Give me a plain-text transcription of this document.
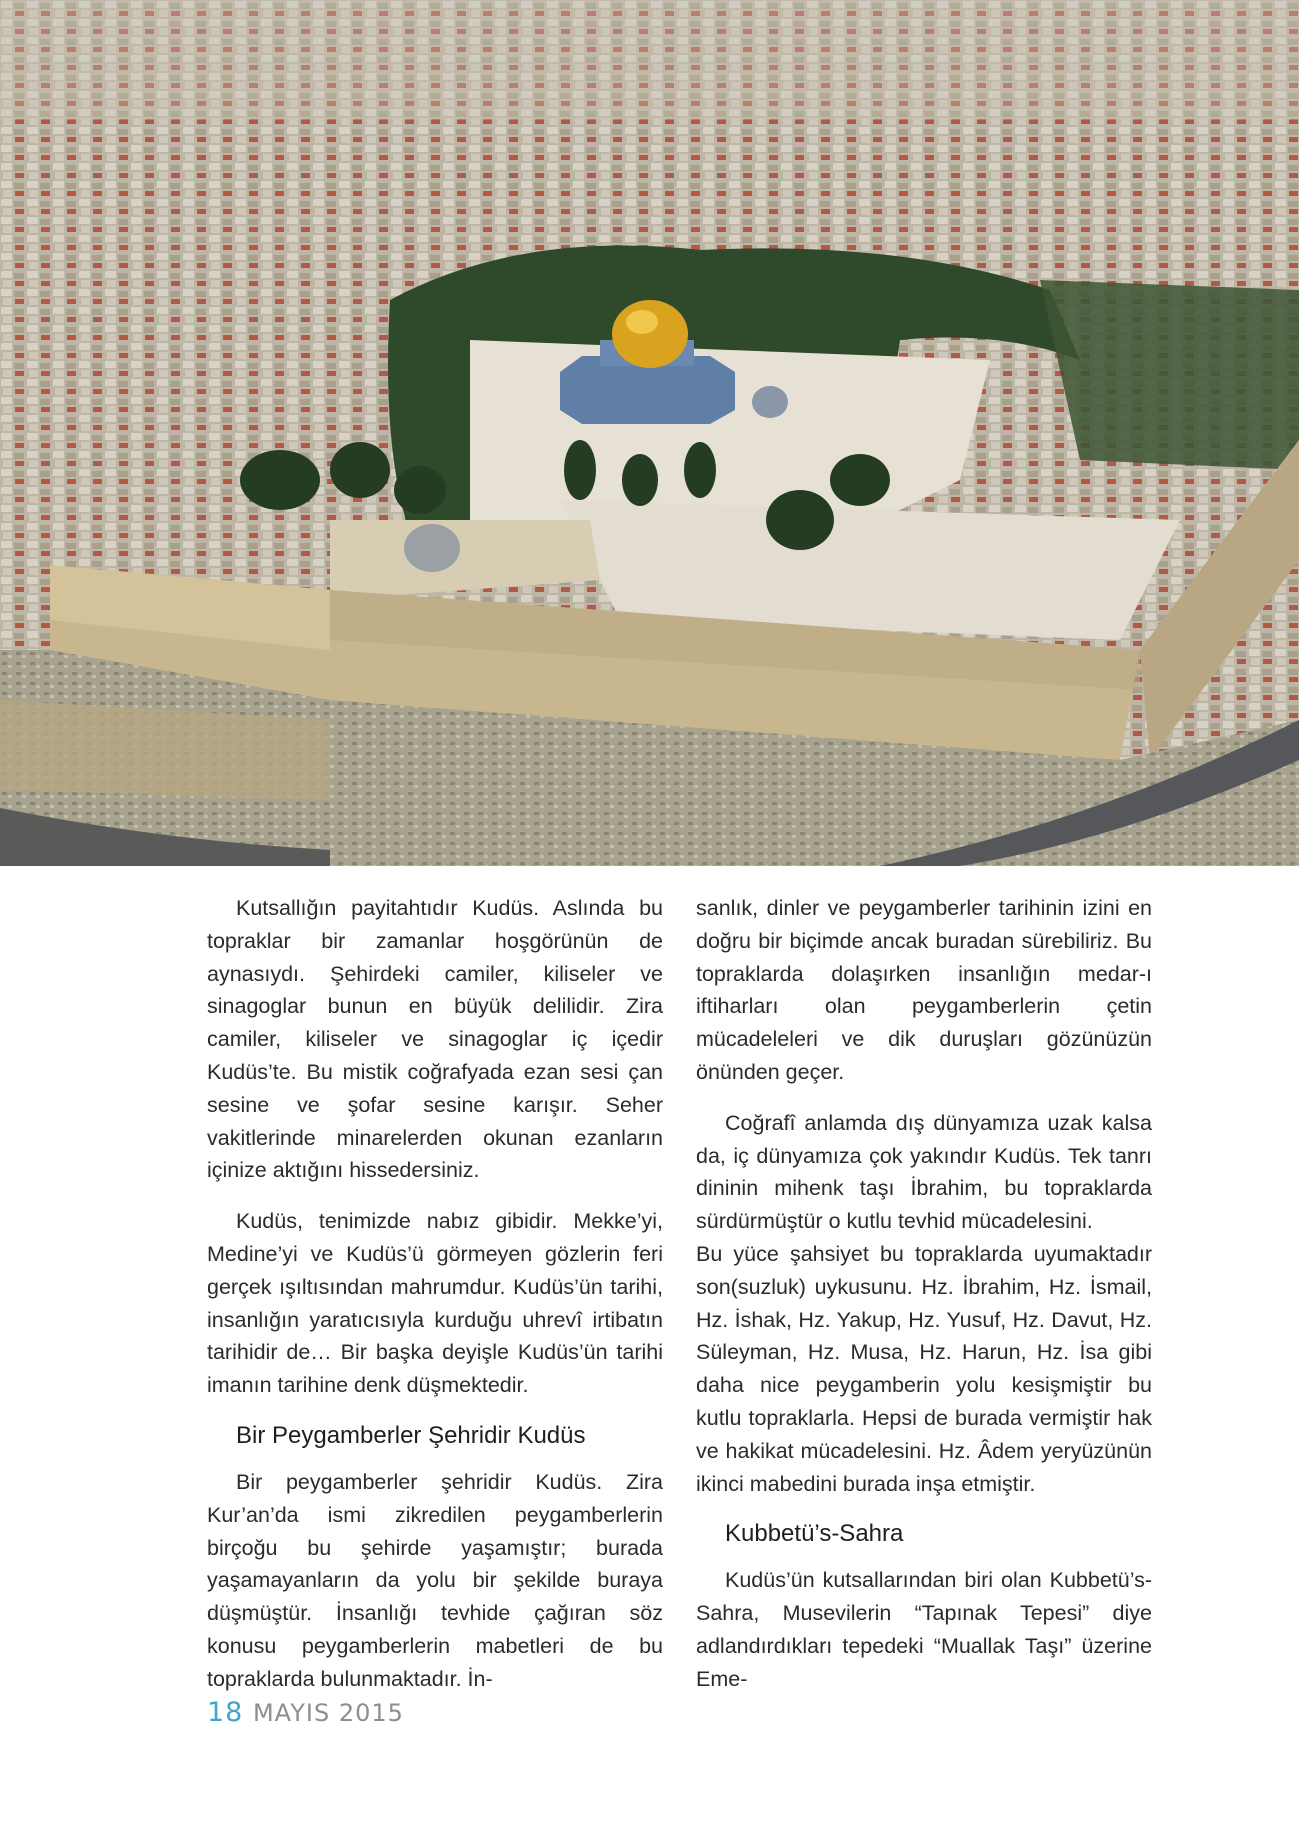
Kutsallığın payitahtıdır Kudüs. Aslında bu topraklar bir zamanlar hoşgörünün de aynasıydı. Şehirdeki camiler, kiliseler ve sinagoglar bunun en büyük delilidir. Zira camiler, kiliseler ve sinagoglar iç içedir Kudüs’te. Bu mistik coğrafyada ezan sesi çan sesine ve şofar sesine karışır. Seher vakitlerinde minarelerden okunan ezanların içinize aktığını hissedersiniz.

Kudüs, tenimizde nabız gibidir. Mekke’yi, Medine’yi ve Kudüs’ü görmeyen gözlerin feri gerçek ışıltısından mahrumdur. Kudüs’ün tarihi, insanlığın yaratıcısıyla kurduğu uhrevî irtibatın tarihidir de… Bir başka deyişle Kudüs’ün tarihi imanın tarihine denk düşmektedir.

Bir Peygamberler Şehridir Kudüs

Bir peygamberler şehridir Kudüs. Zira Kur’an’da ismi zikredilen peygamberlerin birçoğu bu şehirde yaşamıştır; burada yaşamayanların da yolu bir şekilde buraya düşmüştür. İnsanlığı tevhide çağıran söz konusu peygamberlerin mabetleri de bu topraklarda bulunmaktadır. İn-

sanlık, dinler ve peygamberler tarihinin izini en doğru bir biçimde ancak buradan sürebiliriz. Bu topraklarda dolaşırken insanlığın medar-ı iftiharları olan peygamberlerin çetin mücadeleleri ve dik duruşları gözünüzün önünden geçer.

Coğrafî anlamda dış dünyamıza uzak kalsa da, iç dünyamıza çok yakındır Kudüs. Tek tanrı dininin mihenk taşı İbrahim, bu topraklarda sürdürmüştür o kutlu tevhid mücadelesini.

Bu yüce şahsiyet bu topraklarda uyumaktadır son(suzluk) uykusunu. Hz. İbrahim, Hz. İsmail, Hz. İshak, Hz. Yakup, Hz. Yusuf, Hz. Davut, Hz. Süleyman, Hz. Musa, Hz. Harun, Hz. İsa gibi daha nice peygamberin yolu kesişmiştir bu kutlu topraklarla. Hepsi de burada vermiştir hak ve hakikat mücadelesini. Hz. Âdem yeryüzünün ikinci mabedini burada inşa etmiştir.

Kubbetü’s-Sahra

Kudüs’ün kutsallarından biri olan Kubbetü’s-Sahra, Musevilerin “Tapınak Tepesi” diye adlandırdıkları tepedeki “Muallak Taşı” üzerine Eme-

18 MAYIS 2015
